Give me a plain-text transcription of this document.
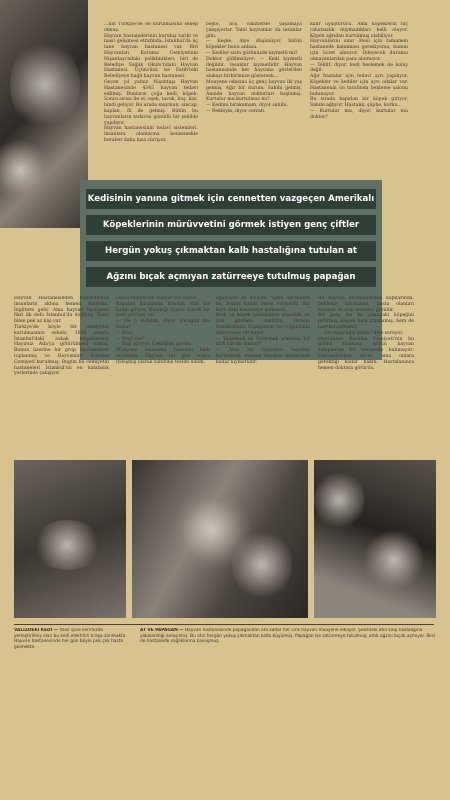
...nin Türkiye'de de kurulmasına sebep olmuş.

Hayvan hastanelerinin kuruluş tarihi ve nasıl gelişmesi etrafında. İstanbul'da üç tane hayvan hastanesi var. Biri Hayvanları Koruma Cemiyetinin Nişantaşı'ndaki poliklinikleri, biri de Belediye Sağlık Okulu'ndaki Hayvan Hastanesi. Üçüncüsü ise Fatih'teki Belediyeye bağlı hayvan hastanesi.

Geçen yıl yalnız Nişantaşı Hayvan Hastanesinde 4345 hayvan tedavi edilmiş. Bunların çoğu kedi, köpek. Sonra sırası ile at, eşek, tavuk, kuş, kaz, hindi geliyor. Bu arada maymun, sincap, kaplan, fil de gelmiş. Bütün bu hayvanların tedavisi gönüllü bir şekilde yapılıyor.

Hayvan hastanesinin tedavi sistemleri, insanlara olanlarına benzemekle beraber daha kısa sürüyor.

beşte, hoş vakitlerde yaşamaya çalışıyorlar. Tabii hayvanlar da insanlar gibi.

— Keşke, diye düşünüyor, bütün köpekler bunu anlasa.

— Kediler sizin gözünüzde kıymetli mi?

Doktor gülümsüyor: — Kedi kıymetli değildir, insanlar kıymetlidir. Hayvan hastanesinde her hayvana gösterilen alakayı birbirimize göstersek...

Muayene odasına üç genç hayvan iki yaş gelmiş. Ağır bir durum. Sahibi gelmiş. Anında hayvan doktorları başlamış. Kurtulur mu kurtulmaz mı?

— Kedimi bırakamam, diyor sahibi.

— Bekleyin, diyor cerrah.

kalır uyuşturucu. Ama köpeklerin hiç rahatsızlık duymadıkları belli oluyor. Köpek ağrıdan kurtulmuş olabiliyor.

Hayvanlarını sınır ötesi için tamamen hastanede kalınması gerekiyorsa, bunun için ücret alınıyor. Ödeyecek durumu olmayanlardan para alınmıyor.

— Teklif, diyor, kedi beslemek de kolay değil.

Ağır hastalar için tedavi ayrı yapılıyor. Köpekler ve kediler için ayrı odalar var. Hastanenin ön tarafında bekleme salonu bulunuyor.

Bu sırada kapıdan bir köpek giriyor. Sahibi ağlıyor. Hastalık, şüphe, korku...

— Kurtulur mu, diyor, kurtulur mu doktor?

Kedisinin yanına gitmek için cennetten vazgeçen Amerikalı
Köpeklerinin mürüvvetini görmek istiyen genç çiftler
Hergün yokuş çıkmaktan kalb hastalığına tutulan at
Ağzını bıçak açmıyan zatürreeye tutulmuş papağan

Hayvan Hastanesinden bahsedilince insanların aklına hemen Amerika, İngiltere gelir. Ama hayvan hastanesi fikri ilk defa İstanbul'da doğmuş. Bunu bilen pek az kişi var.

Türkiye'de böyle bir cemiyetin kurulmasının sebebi, 1910 yılında İstanbul'daki sokak köpeklerinin Hayırsız Ada'ya götürülmesi olmuş. Bunun üzerine bir grup hayvansever toplanmış ve Hayvanları Koruma Cemiyeti kurulmuş. Bugün bu cemiyetin hastaneleri İstanbul'un en kalabalık yerlerinde çalışıyor.

çekici memurlar, olaylar yer alıyor.

Kapıdan kucağında kundak olan bir kadın giriyor. Kundağı açıyor. İçinde bir kedi yavrusu var.

— Ne o evlâdım, diyor, çocuğun mu hasta?

— Evet.

— Neyi var?

— Bağ ağrıyor. Çektiğimi görüm.

Muayene masasına yatırılan kedi incelendi. Hayvan bir gün sonra iyileşmiş olarak sahibine teslim edildi.

ağabeyisi de evliyim. Yakın akrabanın hiç benim kadar önem vermezdi. Bir kere dahi hastaneye gelmezdi.

Kedi ve köpek hastalıkları arasında en çok görülen sindirim sistemi bozuklukları. Papağanlar ise çoğunlukla zatürreeye tutuluyor.

— Yaşatmak ile öldürmek arasında bir fark var mı doktor?

— Ama bir hayvanın hayatını kurtarmak, insanın hayatını kurtarmak kadar kıymetlidir.

Bu hayvan hastanelerinin kapılarında, bekleme salonunda, hasta olanları bırakan ve alan insanlar görülür.

Bir genç kız iki yaşındaki köpeğini getirmiş. Köpek hem zayıflamış, hem de hareketsizleşmiş.

— Ne yapacağız şimdi? diye soruyor.

Hayvanları Koruma Cemiyeti'nin bu günkü başkanı, bütün hayvan sahiplerine bir tavsiyede bulunuyor: Hayvanlarınızı sevin, ama onlara gerektiği kadar bakın. Hastalanınca hemen doktora götürün.

VALİZDEKİ KEDİ — Valiz içine ilerimizde yerleştirilmiş olan bu kedi elektrikli tıraşa alınmakta. Hayvan hastanesinde her gün böyle pek çok hasta gelmekte.
AT VE PAPAĞAN — Hayvan hastanesinde papağandan ata kadar her cins hayvan muayene ediliyor. Şekildeki atın kalp hastalığına yakalandığı anlaşılmış. Bu atın hergün yokuş çıkmaktan kalbi büyümüş. Papağan ise zatürreeye tutulmuş; artık ağzını bıçak açmıyor. İkisi de hastanede sağlıklarına kavuşmuş.
